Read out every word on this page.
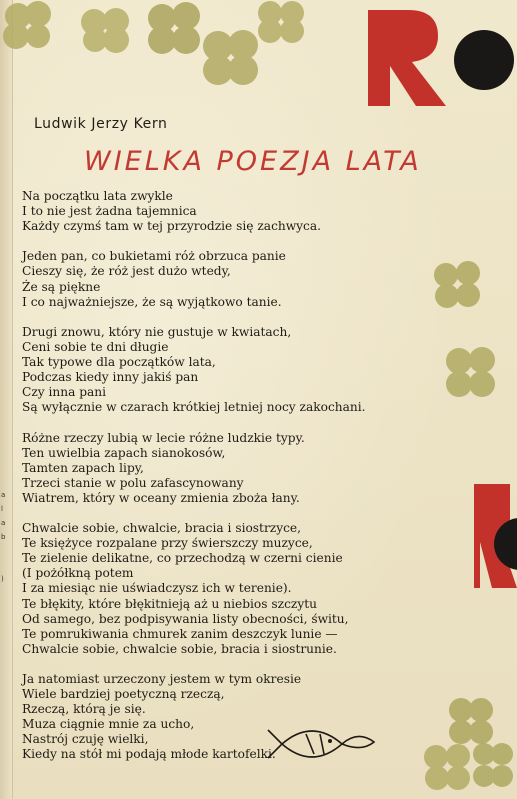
Ludwik Jerzy Kern
WIELKA POEZJA LATA
Na początku lata zwykle
I to nie jest żadna tajemnica
Każdy czymś tam w tej przyrodzie się zachwyca.
Jeden pan, co bukietami róż obrzuca panie
Cieszy się, że róż jest dużo wtedy,
Że są piękne
I co najważniejsze, że są wyjątkowo tanie.
Drugi znowu, który nie gustuje w kwiatach,
Ceni sobie te dni długie
Tak typowe dla początków lata,
Podczas kiedy inny jakiś pan
Czy inna pani
Są wyłącznie w czarach krótkiej letniej nocy zakochani.
Różne rzeczy lubią w lecie różne ludzkie typy.
Ten uwielbia zapach sianokosów,
Tamten zapach lipy,
Trzeci stanie w polu zafascynowany
Wiatrem, który w oceany zmienia zboża łany.
Chwalcie sobie, chwalcie, bracia i siostrzyce,
Te księżyce rozpalane przy świerszczy muzyce,
Te zielenie delikatne, co przechodzą w czerni cienie
(I pożółkną potem
I za miesiąc nie uświadczysz ich w terenie).
Te błękity, które błękitnieją aż u niebios szczytu
Od samego, bez podpisywania listy obecności, świtu,
Te pomrukiwania chmurek zanim deszczyk lunie —
Chwalcie sobie, chwalcie sobie, bracia i siostrunie.
Ja natomiast urzeczony jestem w tym okresie
Wiele bardziej poetyczną rzeczą,
Rzeczą, którą je się.
Muza ciągnie mnie za ucho,
Nastrój czuję wielki,
Kiedy na stół mi podają młode kartofelki.
a
l
a
b
)
